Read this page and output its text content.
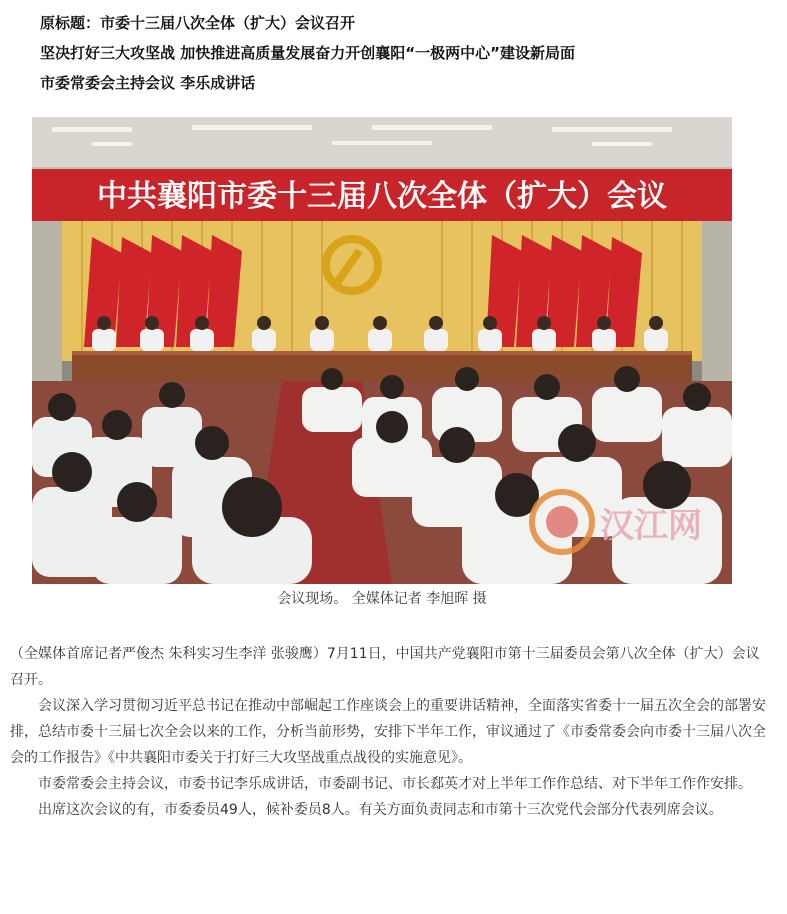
原标题：市委十三届八次全体（扩大）会议召开
坚决打好三大攻坚战 加快推进高质量发展奋力开创襄阳“一极两中心”建设新局面
市委常委会主持会议 李乐成讲话
中共襄阳市委十三届八次全体（扩大）会议
汉江网
会议现场。 全媒体记者 李旭晖 摄

（全媒体首席记者严俊杰 朱科实习生李洋 张骏鹰）7月11日，中国共产党襄阳市第十三届委员会第八次全体（扩大）会议召开。

会议深入学习贯彻习近平总书记在推动中部崛起工作座谈会上的重要讲话精神，全面落实省委十一届五次全会的部署安排，总结市委十三届七次全会以来的工作，分析当前形势，安排下半年工作，审议通过了《市委常委会向市委十三届八次全会的工作报告》《中共襄阳市委关于打好三大攻坚战重点战役的实施意见》。

市委常委会主持会议，市委书记李乐成讲话，市委副书记、市长郄英才对上半年工作作总结、对下半年工作作安排。

出席这次会议的有，市委委员49人，候补委员8人。有关方面负责同志和市第十三次党代会部分代表列席会议。
